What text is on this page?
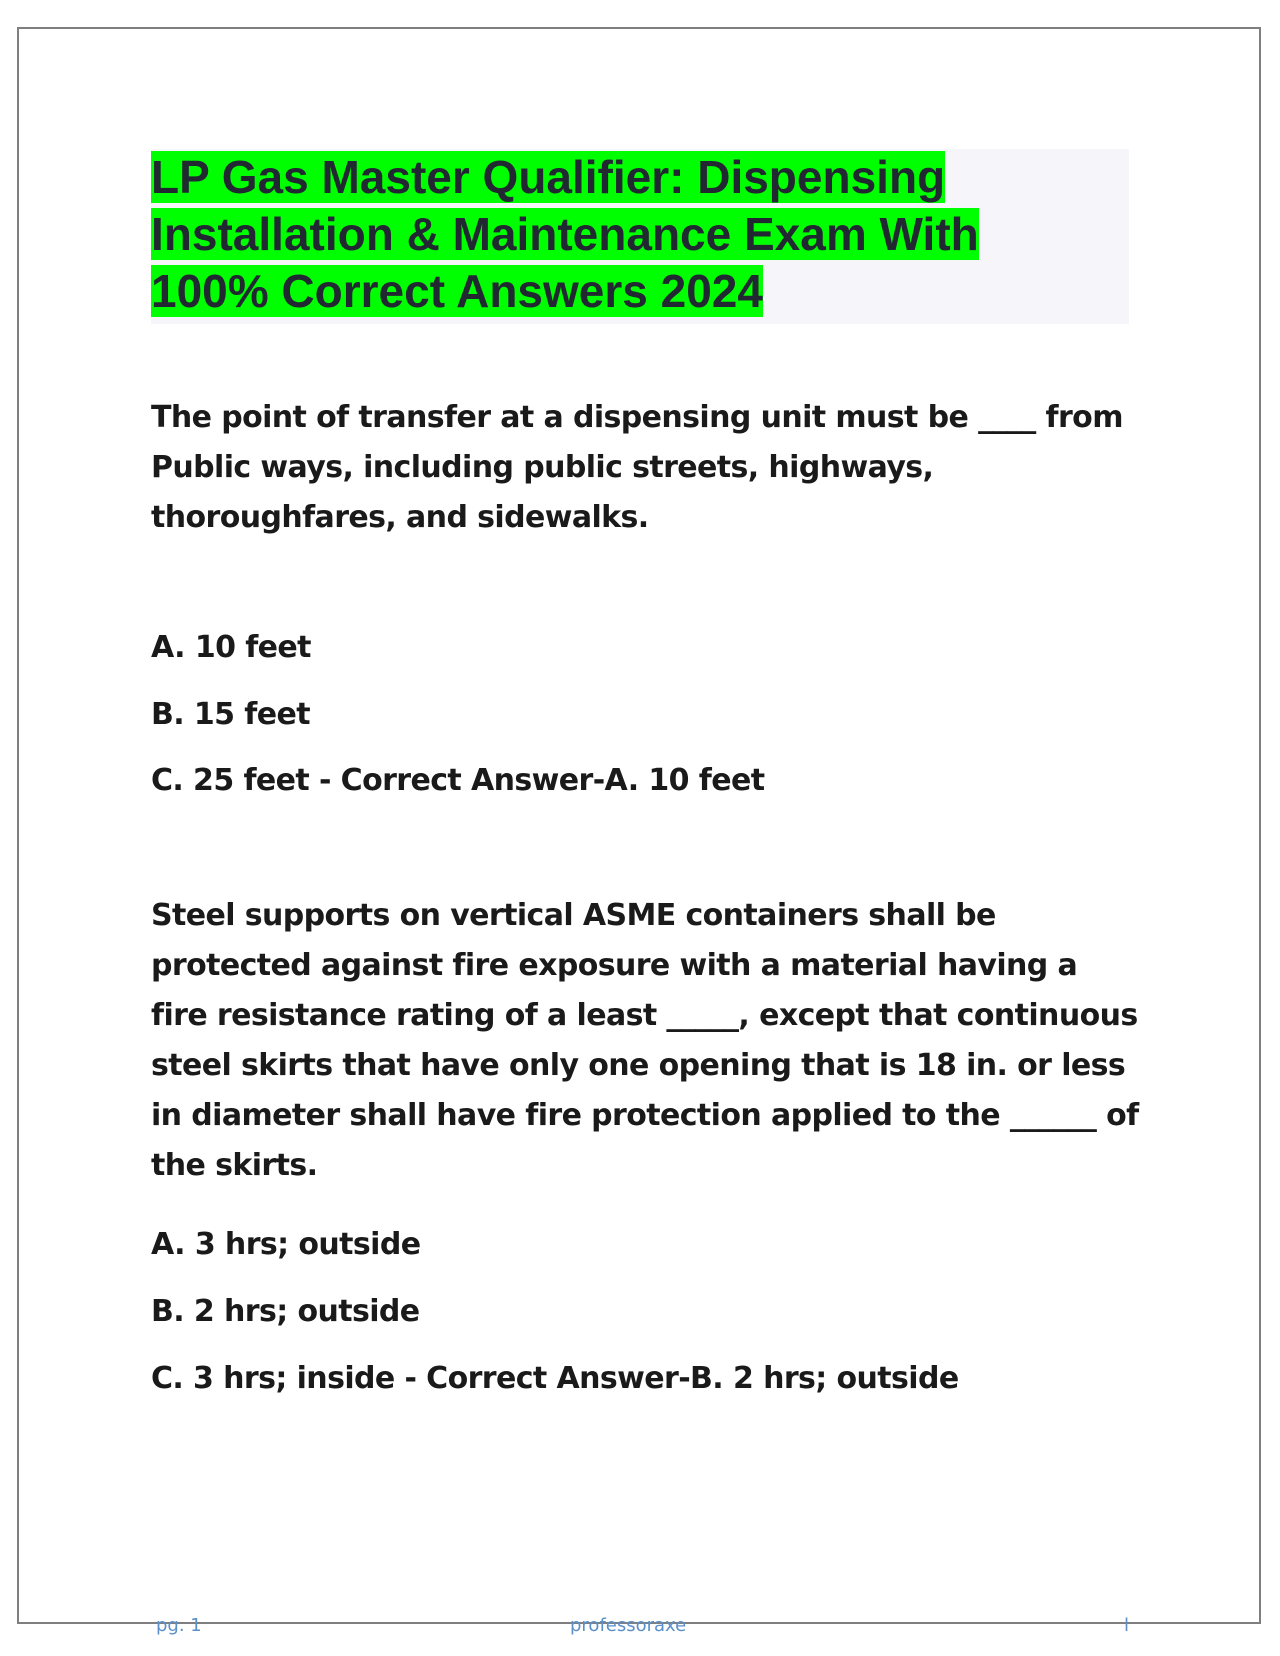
LP Gas Master Qualifier: Dispensing Installation & Maintenance Exam With 100% Correct Answers 2024

The point of transfer at a dispensing unit must be ____ from Public ways, including public streets, highways, thoroughfares, and sidewalks.

A. 10 feet

B. 15 feet

C. 25 feet - Correct Answer-A. 10 feet

Steel supports on vertical ASME containers shall be protected against fire exposure with a material having a fire resistance rating of a least _____, except that continuous steel skirts that have only one opening that is 18 in. or less in diameter shall have fire protection applied to the ______ of the skirts.

A. 3 hrs; outside

B. 2 hrs; outside

C. 3 hrs; inside - Correct Answer-B. 2 hrs; outside

pg. 1	professoraxe	l
